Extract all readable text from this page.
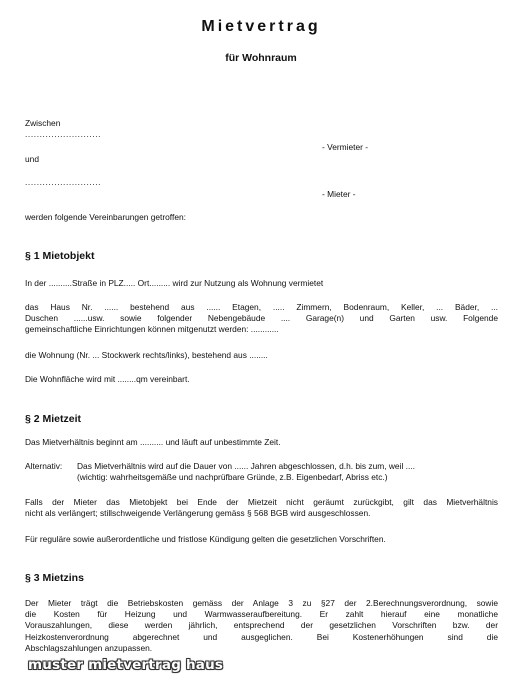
Mietvertrag
für Wohnraum
Zwischen
..........................
- Vermieter -
und
..........................
- Mieter -
werden folgende Vereinbarungen getroffen:
§ 1 Mietobjekt
In der ..........Straße in PLZ..... Ort......... wird zur Nutzung als Wohnung vermietet
das Haus Nr. ...... bestehend aus ...... Etagen, ..... Zimmern, Bodenraum, Keller, ... Bäder, ...
Duschen ......usw. sowie folgender Nebengebäude .... Garage(n) und Garten usw. Folgende
gemeinschaftliche Einrichtungen können mitgenutzt werden: ............
die Wohnung (Nr. ... Stockwerk rechts/links), bestehend aus ........
Die Wohnfläche wird mit ........qm vereinbart.
§ 2 Mietzeit
Das Mietverhältnis beginnt am .......... und läuft auf unbestimmte Zeit.
Alternativ: Das Mietverhältnis wird auf die Dauer von ...... Jahren abgeschlossen, d.h. bis zum, weil ....
(wichtig: wahrheitsgemäße und nachprüfbare Gründe, z.B. Eigenbedarf, Abriss etc.)
Falls der Mieter das Mietobjekt bei Ende der Mietzeit nicht geräumt zurückgibt, gilt das Mietverhältnis
nicht als verlängert; stillschweigende Verlängerung gemäss § 568 BGB wird ausgeschlossen.
Für reguläre sowie außerordentliche und fristlose Kündigung gelten die gesetzlichen Vorschriften.
§ 3 Mietzins
Der Mieter trägt die Betriebskosten gemäss der Anlage 3 zu §27 der 2.Berechnungsverordnung, sowie
die Kosten für Heizung und Warmwasseraufbereitung. Er zahlt hierauf eine monatliche
Vorauszahlungen, diese werden jährlich, entsprechend der gesetzlichen Vorschriften bzw. der
Heizkostenverordnung abgerechnet und ausgeglichen. Bei Kostenerhöhungen sind die
Abschlagszahlungen anzupassen.
muster mietvertrag haus
